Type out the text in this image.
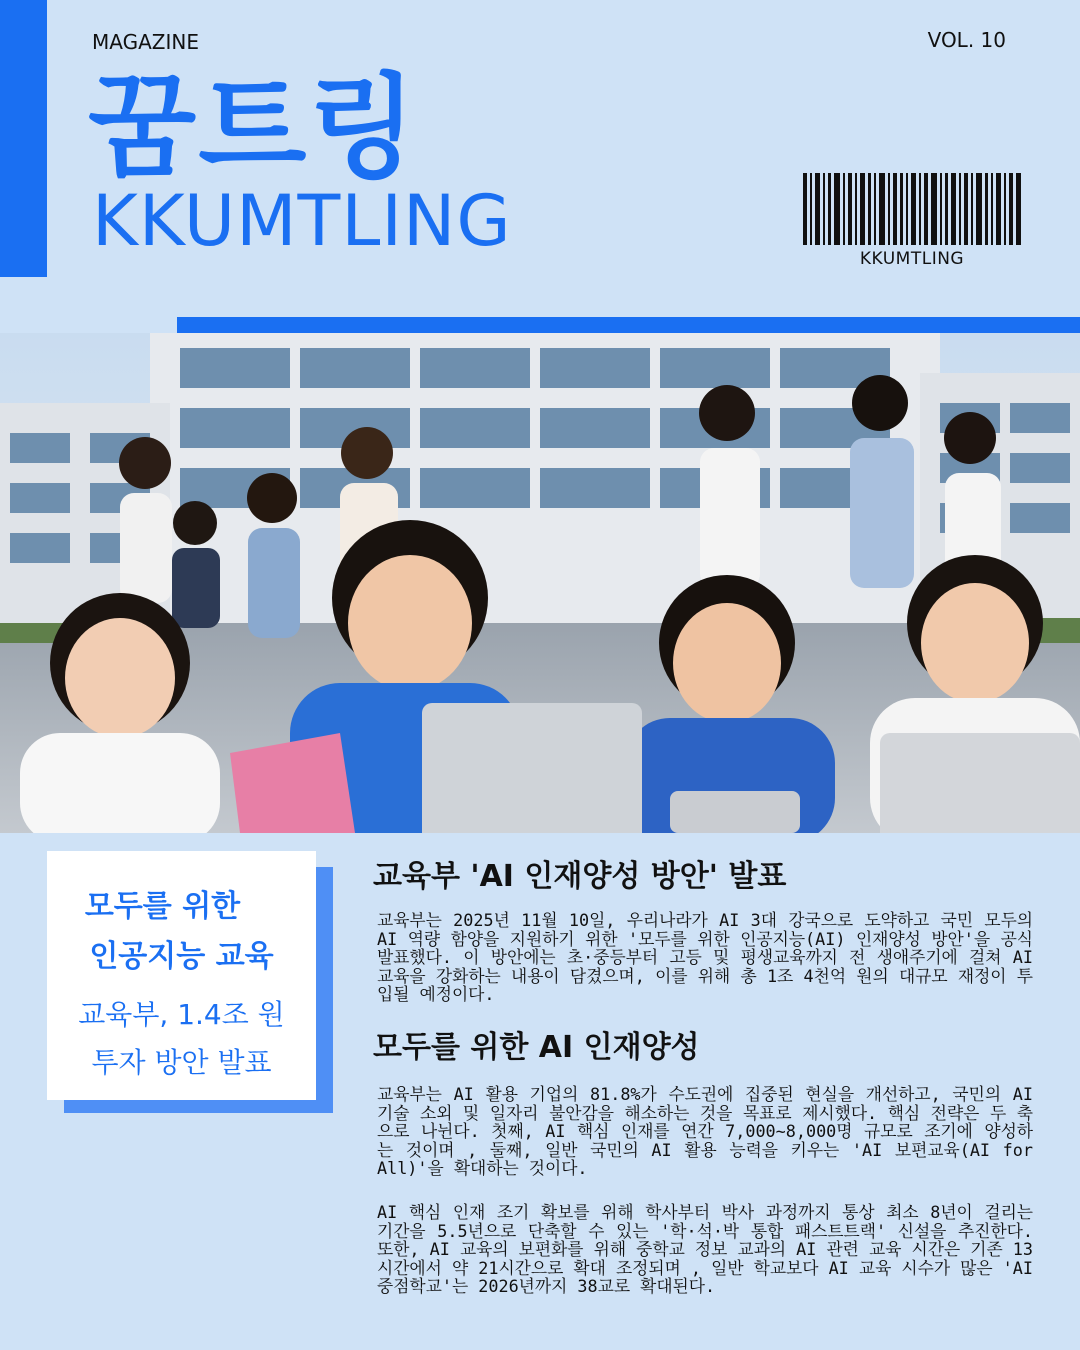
MAGAZINE	VOL. 10
꿈트링
KKUMTLING	KKUMTLING
모두를 위한
인공지능 교육
교육부, 1.4조 원
투자 방안 발표
교육부 'AI 인재양성 방안' 발표
교육부는 2025년 11월 10일, 우리나라가 AI 3대 강국으로 도약하고 국민 모두의 AI 역량 함양을 지원하기 위한 '모두를 위한 인공지능(AI) 인재양성 방안'을 공식 발표했다. 이 방안에는 초·중등부터 고등 및 평생교육까지 전 생애주기에 걸쳐 AI 교육을 강화하는 내용이 담겼으며, 이를 위해 총 1조 4천억 원의 대규모 재정이 투입될 예정이다.
모두를 위한 AI 인재양성
교육부는 AI 활용 기업의 81.8%가 수도권에 집중된 현실을 개선하고, 국민의 AI 기술 소외 및 일자리 불안감을 해소하는 것을 목표로 제시했다. 핵심 전략은 두 축으로 나뉜다. 첫째, AI 핵심 인재를 연간 7,000~8,000명 규모로 조기에 양성하는 것이며 , 둘째, 일반 국민의 AI 활용 능력을 키우는 'AI 보편교육(AI for All)'을 확대하는 것이다.
AI 핵심 인재 조기 확보를 위해 학사부터 박사 과정까지 통상 최소 8년이 걸리는 기간을 5.5년으로 단축할 수 있는 '학·석·박 통합 패스트트랙' 신설을 추진한다. 또한, AI 교육의 보편화를 위해 중학교 정보 교과의 AI 관련 교육 시간은 기존 13시간에서 약 21시간으로 확대 조정되며 , 일반 학교보다 AI 교육 시수가 많은 'AI 중점학교'는 2026년까지 38교로 확대된다.
